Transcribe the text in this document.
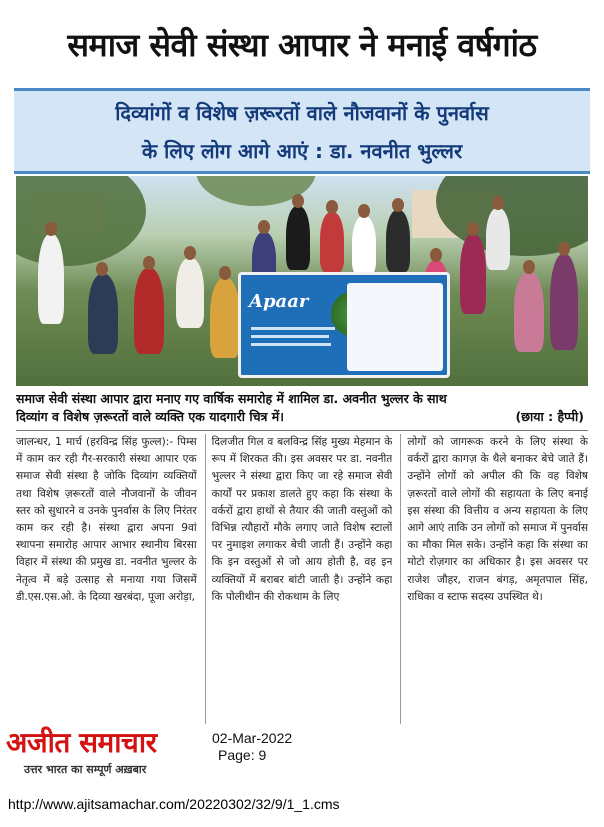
समाज सेवी संस्था आपार ने मनाई वर्षगांठ
दिव्यांगों व विशेष ज़रूरतों वाले नौजवानों के पुनर्वास
के लिए लोग आगे आएं : डा. नवनीत भुल्लर
Apaar
समाज सेवी संस्था आपार द्वारा मनाए गए वार्षिक समारोह में शामिल डा. अवनीत भुल्लर के साथ
दिव्यांग व विशेष ज़रूरतों वाले व्यक्ति एक यादगारी चित्र में।	(छाया : हैप्पी)
जालन्धर, 1 मार्च (हरविन्द्र सिंह फुल्ल):- पिम्स में काम कर रही गैर-सरकारी संस्था आपार एक समाज सेवी संस्था है जोकि दिव्यांग व्यक्तियों तथा विशेष ज़रूरतों वाले नौजवानों के जीवन स्तर को सुधारने व उनके पुनर्वास के लिए निरंतर काम कर रही है। संस्था द्वारा अपना 9वां स्थापना समारोह आपार आभार स्थानीय बिरसा विहार में संस्था की प्रमुख डा. नवनीत भुल्लर के नेतृत्व में बड़े उत्साह से मनाया गया जिसमें डी.एस.एस.ओ. के दिव्या खरबंदा, पूजा अरोड़ा,
दिलजीत गिल व बलविन्द्र सिंह मुख्य मेहमान के रूप में शिरकत की। इस अवसर पर डा. नवनीत भुल्लर ने संस्था द्वारा किए जा रहे समाज सेवी कार्यों पर प्रकाश डालते हुए कहा कि संस्था के वर्करों द्वारा हाथों से तैयार की जाती वस्तुओं को विभिन्न त्यौहारों मौके लगाए जाते विशेष स्टालों पर नुमाइश लगाकर बेची जाती हैं। उन्होंने कहा कि इन वस्तुओं से जो आय होती है, वह इन व्यक्तियों में बराबर बांटी जाती है। उन्होंने कहा कि पोलीथीन की रोकथाम के लिए
लोगों को जागरूक करने के लिए संस्था के वर्करों द्वारा कागज़ के थैले बनाकर बेचे जाते हैं। उन्होंने लोगों को अपील की कि वह विशेष ज़रूरतों वाले लोगों की सहायता के लिए बनाई इस संस्था की वित्तीय व अन्य सहायता के लिए आगे आएं ताकि उन लोगों को समाज में पुनर्वास का मौका मिल सके। उन्होंने कहा कि संस्था का मोटो रोज़गार का अधिकार है। इस अवसर पर राजेश जौहर, राजन बंगड़, अमृतपाल सिंह, राधिका व स्टाफ सदस्य उपस्थित थे।
अजीत समाचार
उत्तर भारत का सम्पूर्ण अख़बार
02-Mar-2022
Page: 9
http://www.ajitsamachar.com/20220302/32/9/1_1.cms
